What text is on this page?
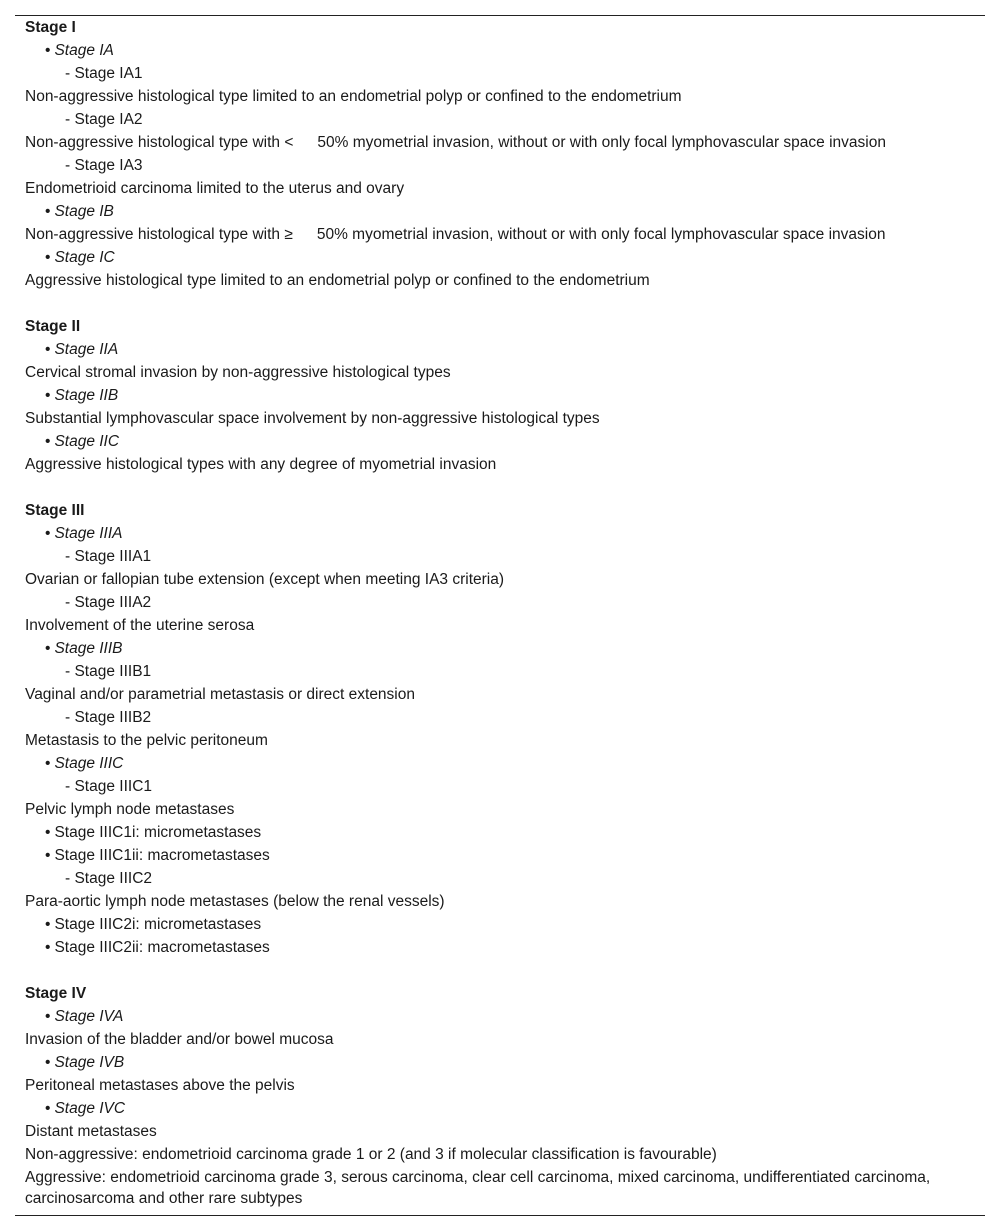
Stage I
• Stage IA
- Stage IA1
Non-aggressive histological type limited to an endometrial polyp or confined to the endometrium
- Stage IA2
Non-aggressive histological type with < 50% myometrial invasion, without or with only focal lymphovascular space invasion
- Stage IA3
Endometrioid carcinoma limited to the uterus and ovary
• Stage IB
Non-aggressive histological type with ≥ 50% myometrial invasion, without or with only focal lymphovascular space invasion
• Stage IC
Aggressive histological type limited to an endometrial polyp or confined to the endometrium
Stage II
• Stage IIA
Cervical stromal invasion by non-aggressive histological types
• Stage IIB
Substantial lymphovascular space involvement by non-aggressive histological types
• Stage IIC
Aggressive histological types with any degree of myometrial invasion
Stage III
• Stage IIIA
- Stage IIIA1
Ovarian or fallopian tube extension (except when meeting IA3 criteria)
- Stage IIIA2
Involvement of the uterine serosa
• Stage IIIB
- Stage IIIB1
Vaginal and/or parametrial metastasis or direct extension
- Stage IIIB2
Metastasis to the pelvic peritoneum
• Stage IIIC
- Stage IIIC1
Pelvic lymph node metastases
• Stage IIIC1i: micrometastases
• Stage IIIC1ii: macrometastases
- Stage IIIC2
Para-aortic lymph node metastases (below the renal vessels)
• Stage IIIC2i: micrometastases
• Stage IIIC2ii: macrometastases
Stage IV
• Stage IVA
Invasion of the bladder and/or bowel mucosa
• Stage IVB
Peritoneal metastases above the pelvis
• Stage IVC
Distant metastases
Non-aggressive: endometrioid carcinoma grade 1 or 2 (and 3 if molecular classification is favourable)
Aggressive: endometrioid carcinoma grade 3, serous carcinoma, clear cell carcinoma, mixed carcinoma, undifferentiated carcinoma, carcinosarcoma and other rare subtypes
